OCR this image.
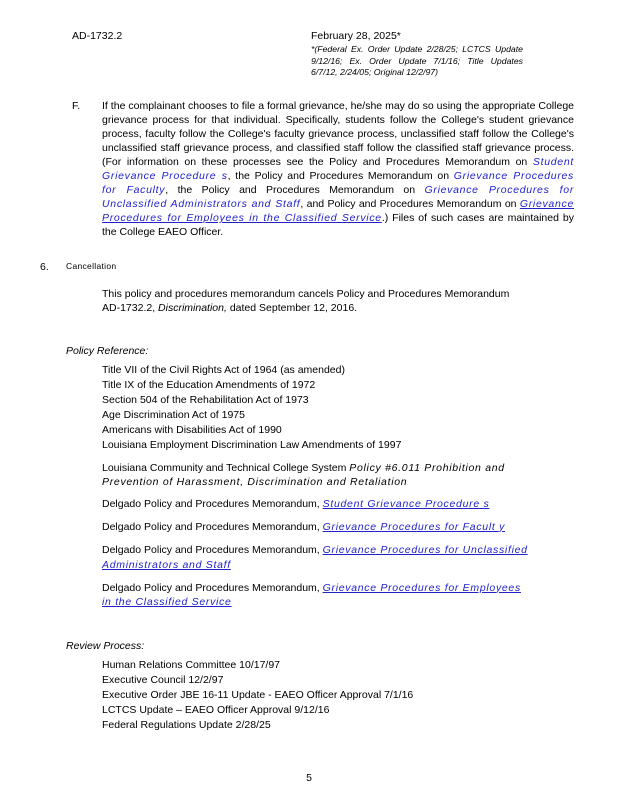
AD-1732.2	February 28, 2025*
*(Federal Ex. Order Update 2/28/25; LCTCS Update 9/12/16; Ex. Order Update 7/1/16; Title Updates 6/7/12, 2/24/05; Original 12/2/97)
F.	If the complainant chooses to file a formal grievance, he/she may do so using the appropriate College grievance process for that individual. Specifically, students follow the College's student grievance process, faculty follow the College's faculty grievance process, unclassified staff follow the College's unclassified staff grievance process, and classified staff follow the classified staff grievance process. (For information on these processes see the Policy and Procedures Memorandum on Student Grievance Procedure s, the Policy and Procedures Memorandum on Grievance Procedures for Faculty, the Policy and Procedures Memorandum on Grievance Procedures for Unclassified Administrators and Staff, and Policy and Procedures Memorandum on Grievance Procedures for Employees in the Classified Service.) Files of such cases are maintained by the College EAEO Officer.
6.	Cancellation
This policy and procedures memorandum cancels Policy and Procedures Memorandum AD-1732.2, Discrimination, dated September 12, 2016.
Policy Reference:
Title VII of the Civil Rights Act of 1964 (as amended)
Title IX of the Education Amendments of 1972
Section 504 of the Rehabilitation Act of 1973
Age Discrimination Act of 1975
Americans with Disabilities Act of 1990
Louisiana Employment Discrimination Law Amendments of 1997
Louisiana Community and Technical College System Policy #6.011 Prohibition and Prevention of Harassment, Discrimination and Retaliation
Delgado Policy and Procedures Memorandum, Student Grievance Procedure s
Delgado Policy and Procedures Memorandum, Grievance Procedures for Facult y
Delgado Policy and Procedures Memorandum, Grievance Procedures for Unclassified Administrators and Staff
Delgado Policy and Procedures Memorandum, Grievance Procedures for Employees in the Classified Service
Review Process:
Human Relations Committee 10/17/97
Executive Council 12/2/97
Executive Order JBE 16-11 Update - EAEO Officer Approval 7/1/16
LCTCS Update – EAEO Officer Approval 9/12/16
Federal Regulations Update 2/28/25
5
